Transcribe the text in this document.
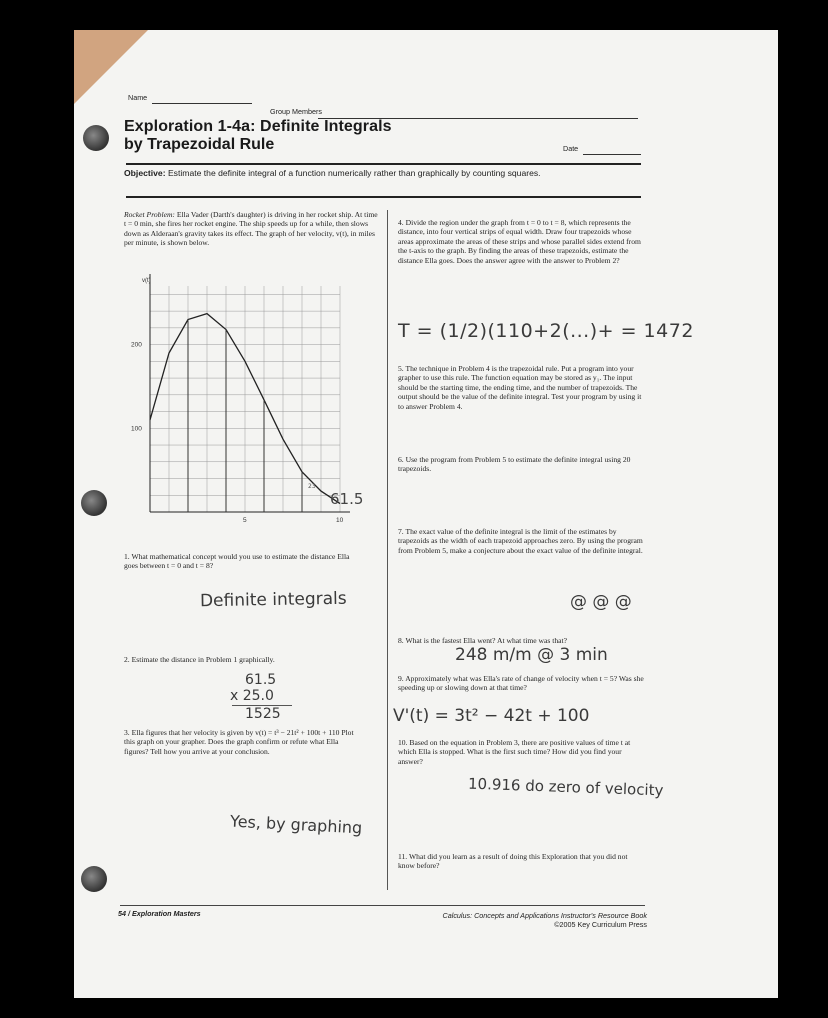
Name
Group Members
Exploration 1-4a: Definite Integrals
by Trapezoidal Rule	Date
Objective: Estimate the definite integral of a function numerically rather than graphically by counting squares.
Rocket Problem: Ella Vader (Darth's daughter) is driving in her rocket ship. At time t = 0 min, she fires her rocket engine. The ship speeds up for a while, then slows down as Alderaan's gravity takes its effect. The graph of her velocity, v(t), in miles per minute, is shown below.
v(t)
200
100
5	10
23
61.5
1. What mathematical concept would you use to estimate the distance Ella goes between t = 0 and t = 8?
Definite integrals
2. Estimate the distance in Problem 1 graphically.
61.5
x 25.0
1525
3. Ella figures that her velocity is given by v(t) = t³ − 21t² + 100t + 110 Plot this graph on your grapher. Does the graph confirm or refute what Ella figures? Tell how you arrive at your conclusion.
Yes, by graphing
4. Divide the region under the graph from t = 0 to t = 8, which represents the distance, into four vertical strips of equal width. Draw four trapezoids whose areas approximate the areas of these strips and whose parallel sides extend from the t-axis to the graph. By finding the areas of these trapezoids, estimate the distance Ella goes. Does the answer agree with the answer to Problem 2?
T = (1/2)(110+2(...)+ = 1472
5. The technique in Problem 4 is the trapezoidal rule. Put a program into your grapher to use this rule. The function equation may be stored as y₁. The input should be the starting time, the ending time, and the number of trapezoids. The output should be the value of the definite integral. Test your program by using it to answer Problem 4.
6. Use the program from Problem 5 to estimate the definite integral using 20 trapezoids.
7. The exact value of the definite integral is the limit of the estimates by trapezoids as the width of each trapezoid approaches zero. By using the program from Problem 5, make a conjecture about the exact value of the definite integral.
@ @ @
8. What is the fastest Ella went? At what time was that?
248 m/m @ 3 min
9. Approximately what was Ella's rate of change of velocity when t = 5? Was she speeding up or slowing down at that time?
V'(t) = 3t² − 42t + 100
10. Based on the equation in Problem 3, there are positive values of time t at which Ella is stopped. What is the first such time? How did you find your answer?
10.916 do zero of velocity
11. What did you learn as a result of doing this Exploration that you did not know before?
54 / Exploration Masters	Calculus: Concepts and Applications Instructor's Resource Book
©2005 Key Curriculum Press
